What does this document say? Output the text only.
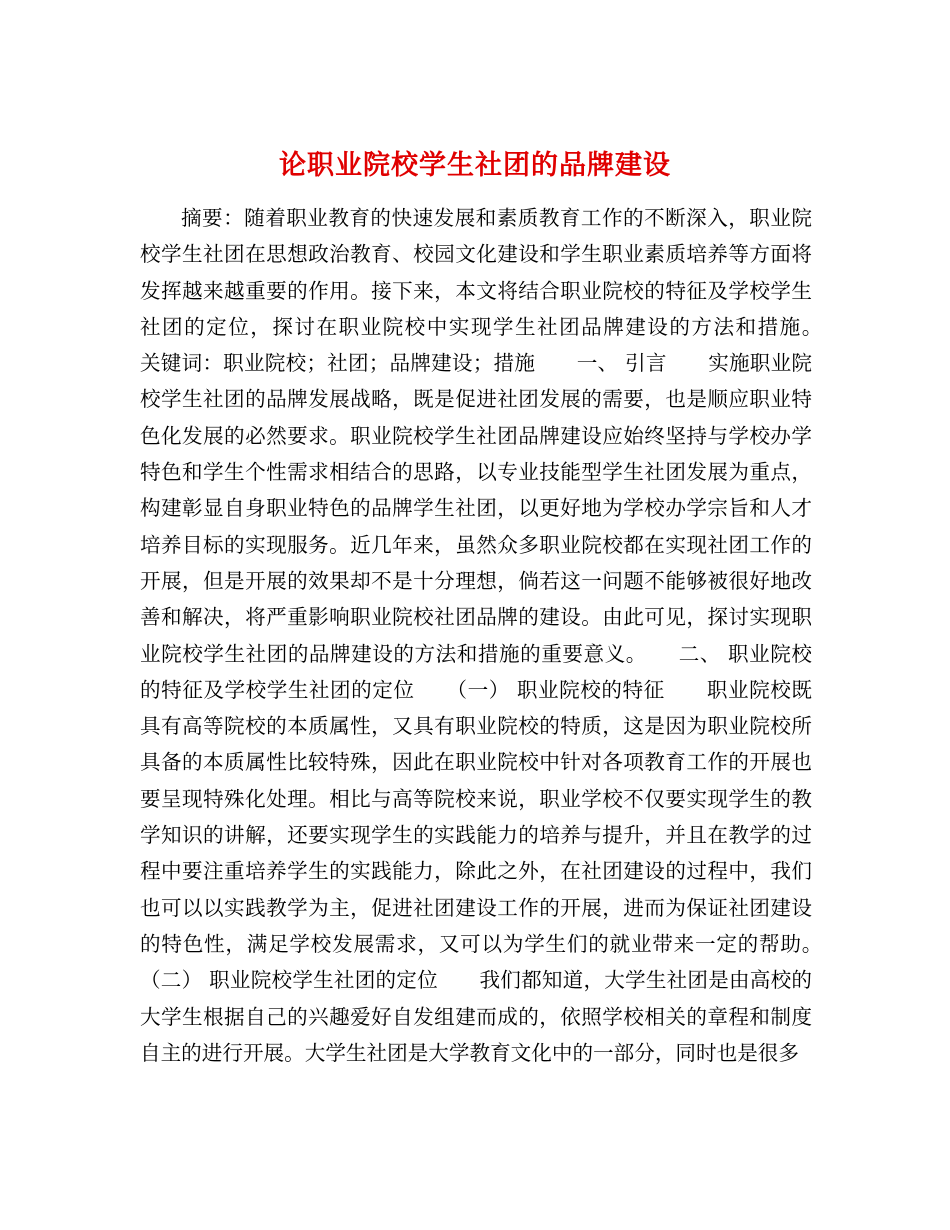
论职业院校学生社团的品牌建设

摘要：随着职业教育的快速发展和素质教育工作的不断深入，职业院校学生社团在思想政治教育、校园文化建设和学生职业素质培养等方面将发挥越来越重要的作用。接下来，本文将结合职业院校的特征及学校学生社团的定位，探讨在职业院校中实现学生社团品牌建设的方法和措施。　　关键词：职业院校；社团；品牌建设；措施　　一、 引言　　实施职业院校学生社团的品牌发展战略，既是促进社团发展的需要，也是顺应职业特色化发展的必然要求。职业院校学生社团品牌建设应始终坚持与学校办学特色和学生个性需求相结合的思路，以专业技能型学生社团发展为重点，构建彰显自身职业特色的品牌学生社团，以更好地为学校办学宗旨和人才培养目标的实现服务。近几年来，虽然众多职业院校都在实现社团工作的开展，但是开展的效果却不是十分理想，倘若这一问题不能够被很好地改善和解决，将严重影响职业院校社团品牌的建设。由此可见，探讨实现职业院校学生社团的品牌建设的方法和措施的重要意义。　　二、 职业院校的特征及学校学生社团的定位　　（一） 职业院校的特征　　职业院校既具有高等院校的本质属性，又具有职业院校的特质，这是因为职业院校所具备的本质属性比较特殊，因此在职业院校中针对各项教育工作的开展也要呈现特殊化处理。相比与高等院校来说，职业学校不仅要实现学生的教学知识的讲解，还要实现学生的实践能力的培养与提升，并且在教学的过程中要注重培养学生的实践能力，除此之外，在社团建设的过程中，我们也可以以实践教学为主，促进社团建设工作的开展，进而为保证社团建设的特色性，满足学校发展需求，又可以为学生们的就业带来一定的帮助。　　（二） 职业院校学生社团的定位　　我们都知道，大学生社团是由高校的大学生根据自己的兴趣爱好自发组建而成的，依照学校相关的章程和制度自主的进行开展。大学生社团是大学教育文化中的一部分，同时也是很多
